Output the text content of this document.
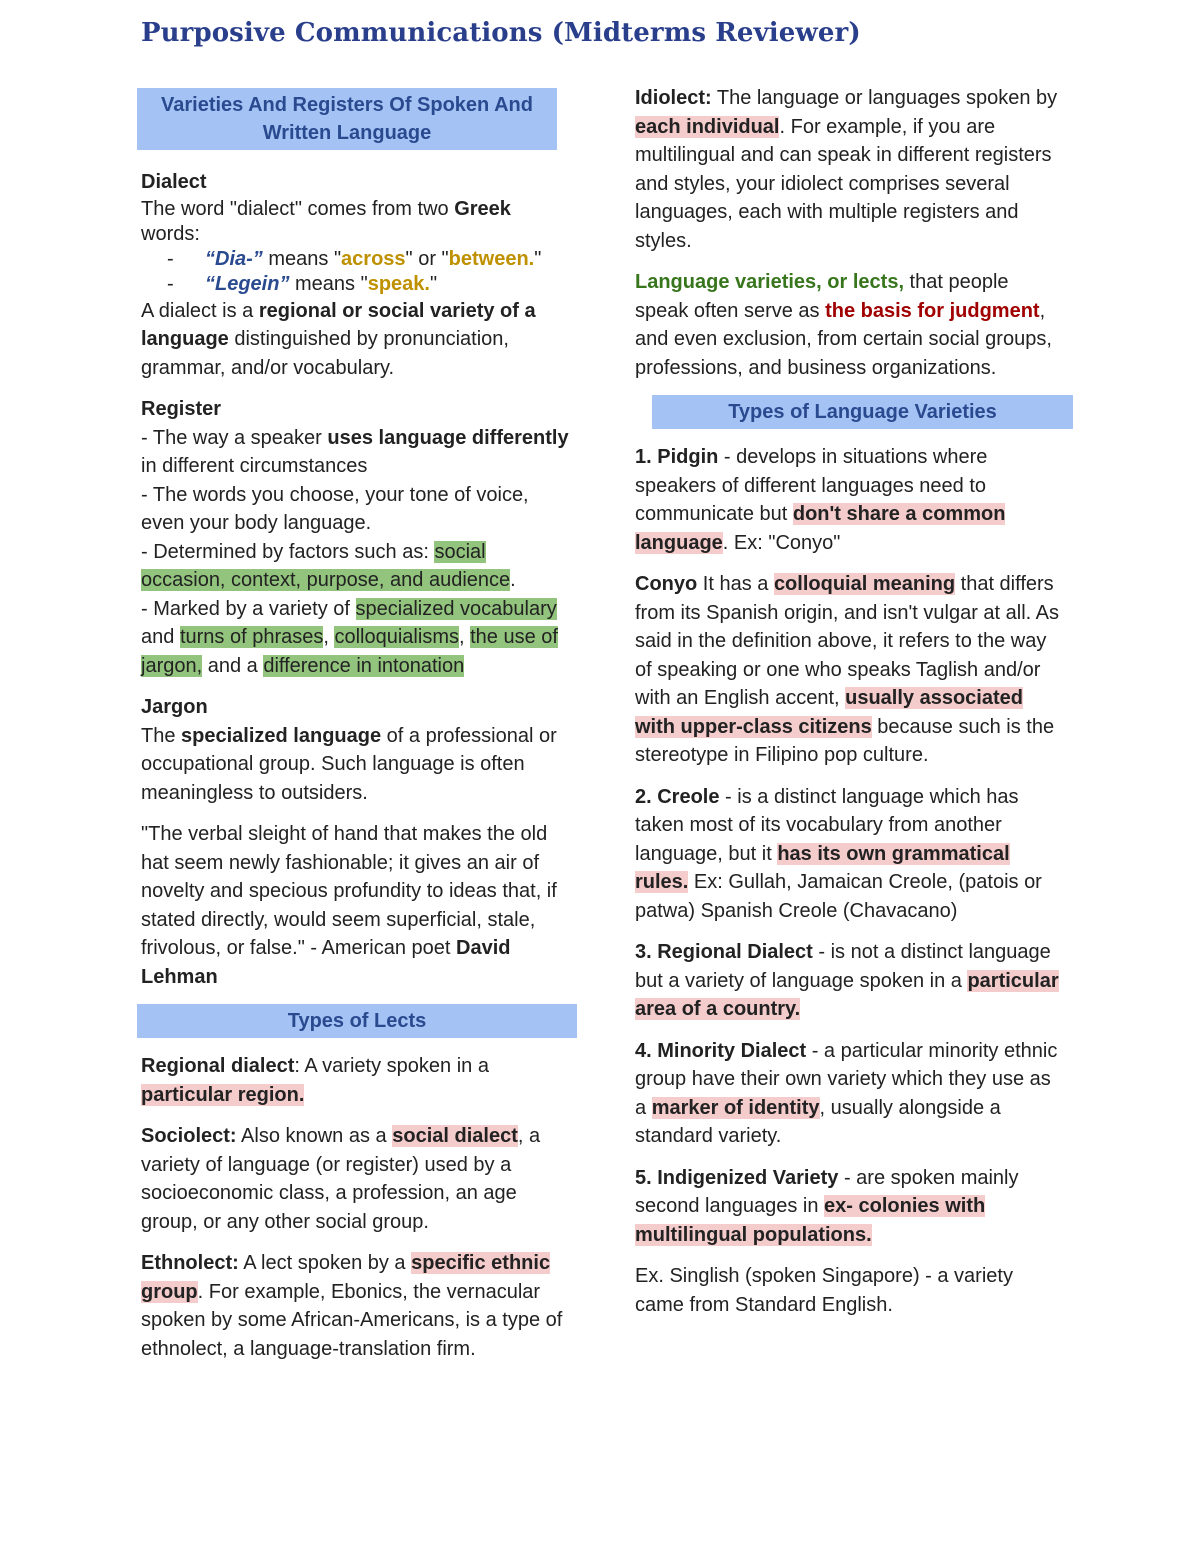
Purposive Communications (Midterms Reviewer)
Varieties And Registers Of Spoken And Written Language
Dialect
The word "dialect" comes from two Greek words:
- “Dia-” means "across" or "between."
- “Legein” means "speak."

A dialect is a regional or social variety of a language distinguished by pronunciation, grammar, and/or vocabulary.

Register
- The way a speaker uses language differently in different circumstances
- The words you choose, your tone of voice, even your body language.
- Determined by factors such as: social occasion, context, purpose, and audience.

- Marked by a variety of specialized vocabulary and turns of phrases, colloquialisms, the use of jargon, and a difference in intonation

Jargon

The specialized language of a professional or occupational group. Such language is often meaningless to outsiders.

"The verbal sleight of hand that makes the old hat seem newly fashionable; it gives an air of novelty and specious profundity to ideas that, if stated directly, would seem superficial, stale, frivolous, or false." - American poet David Lehman

Types of Lects

Regional dialect: A variety spoken in a particular region.

Sociolect: Also known as a social dialect, a variety of language (or register) used by a socioeconomic class, a profession, an age group, or any other social group.

Ethnolect: A lect spoken by a specific ethnic group. For example, Ebonics, the vernacular spoken by some African-Americans, is a type of ethnolect, a language-translation firm.

Idiolect: The language or languages spoken by each individual. For example, if you are multilingual and can speak in different registers and styles, your idiolect comprises several languages, each with multiple registers and styles.

Language varieties, or lects, that people speak often serve as the basis for judgment, and even exclusion, from certain social groups, professions, and business organizations.

Types of Language Varieties

1. Pidgin - develops in situations where speakers of different languages need to communicate but don't share a common language. Ex: "Conyo"

Conyo It has a colloquial meaning that differs from its Spanish origin, and isn't vulgar at all. As said in the definition above, it refers to the way of speaking or one who speaks Taglish and/or with an English accent, usually associated with upper-class citizens because such is the stereotype in Filipino pop culture.

2. Creole - is a distinct language which has taken most of its vocabulary from another language, but it has its own grammatical rules. Ex: Gullah, Jamaican Creole, (patois or patwa) Spanish Creole (Chavacano)

3. Regional Dialect - is not a distinct language but a variety of language spoken in a particular area of a country.

4. Minority Dialect - a particular minority ethnic group have their own variety which they use as a marker of identity, usually alongside a standard variety.

5. Indigenized Variety - are spoken mainly second languages in ex- colonies with multilingual populations.

Ex. Singlish (spoken Singapore) - a variety came from Standard English.
